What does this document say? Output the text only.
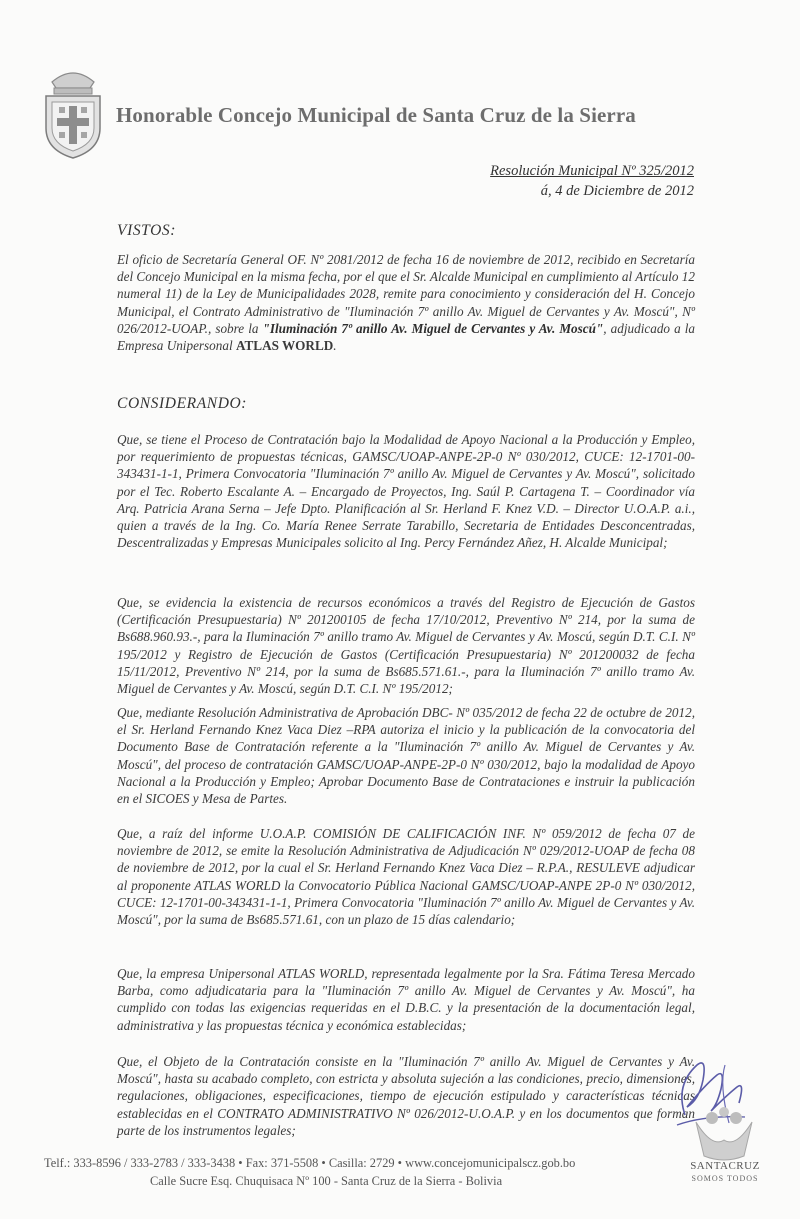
Honorable Concejo Municipal de Santa Cruz de la Sierra
Resolución Municipal Nº 325/2012
á, 4 de Diciembre de 2012
VISTOS:
El oficio de Secretaría General OF. Nº 2081/2012 de fecha 16 de noviembre de 2012, recibido en Secretaría del Concejo Municipal en la misma fecha, por el que el Sr. Alcalde Municipal en cumplimiento al Artículo 12 numeral 11) de la Ley de Municipalidades 2028, remite para conocimiento y consideración del H. Concejo Municipal, el Contrato Administrativo de "Iluminación 7º anillo Av. Miguel de Cervantes y Av. Moscú", Nº 026/2012-UOAP., sobre la "Iluminación 7º anillo Av. Miguel de Cervantes y Av. Moscú", adjudicado a la Empresa Unipersonal ATLAS WORLD.
CONSIDERANDO:
Que, se tiene el Proceso de Contratación bajo la Modalidad de Apoyo Nacional a la Producción y Empleo, por requerimiento de propuestas técnicas, GAMSC/UOAP-ANPE-2P-0 Nº 030/2012, CUCE: 12-1701-00-343431-1-1, Primera Convocatoria "Iluminación 7º anillo Av. Miguel de Cervantes y Av. Moscú", solicitado por el Tec. Roberto Escalante A. – Encargado de Proyectos, Ing. Saúl P. Cartagena T. – Coordinador vía Arq. Patricia Arana Serna – Jefe Dpto. Planificación al Sr. Herland F. Knez V.D. – Director U.O.A.P. a.i., quien a través de la Ing. Co. María Renee Serrate Tarabillo, Secretaria de Entidades Desconcentradas, Descentralizadas y Empresas Municipales solicito al Ing. Percy Fernández Añez, H. Alcalde Municipal;
Que, se evidencia la existencia de recursos económicos a través del Registro de Ejecución de Gastos (Certificación Presupuestaria) Nº 201200105 de fecha 17/10/2012, Preventivo Nº 214, por la suma de Bs688.960.93.-, para la Iluminación 7º anillo tramo Av. Miguel de Cervantes y Av. Moscú, según D.T. C.I. Nº 195/2012 y Registro de Ejecución de Gastos (Certificación Presupuestaria) Nº 201200032 de fecha 15/11/2012, Preventivo Nº 214, por la suma de Bs685.571.61.-, para la Iluminación 7º anillo tramo Av. Miguel de Cervantes y Av. Moscú, según D.T. C.I. Nº 195/2012;
Que, mediante Resolución Administrativa de Aprobación DBC- Nº 035/2012 de fecha 22 de octubre de 2012, el Sr. Herland Fernando Knez Vaca Diez –RPA autoriza el inicio y la publicación de la convocatoria del Documento Base de Contratación referente a la "Iluminación 7º anillo Av. Miguel de Cervantes y Av. Moscú", del proceso de contratación GAMSC/UOAP-ANPE-2P-0 Nº 030/2012, bajo la modalidad de Apoyo Nacional a la Producción y Empleo; Aprobar Documento Base de Contrataciones e instruir la publicación en el SICOES y Mesa de Partes.
Que, a raíz del informe U.O.A.P. COMISIÓN DE CALIFICACIÓN INF. Nº 059/2012 de fecha 07 de noviembre de 2012, se emite la Resolución Administrativa de Adjudicación Nº 029/2012-UOAP de fecha 08 de noviembre de 2012, por la cual el Sr. Herland Fernando Knez Vaca Diez – R.P.A., RESULEVE adjudicar al proponente ATLAS WORLD la Convocatorio Pública Nacional GAMSC/UOAP-ANPE 2P-0 Nº 030/2012, CUCE: 12-1701-00-343431-1-1, Primera Convocatoria "Iluminación 7º anillo Av. Miguel de Cervantes y Av. Moscú", por la suma de Bs685.571.61, con un plazo de 15 días calendario;
Que, la empresa Unipersonal ATLAS WORLD, representada legalmente por la Sra. Fátima Teresa Mercado Barba, como adjudicataria para la "Iluminación 7º anillo Av. Miguel de Cervantes y Av. Moscú", ha cumplido con todas las exigencias requeridas en el D.B.C. y la presentación de la documentación legal, administrativa y las propuestas técnica y económica establecidas;
Que, el Objeto de la Contratación consiste en la "Iluminación 7º anillo Av. Miguel de Cervantes y Av. Moscú", hasta su acabado completo, con estricta y absoluta sujeción a las condiciones, precio, dimensiones, regulaciones, obligaciones, especificaciones, tiempo de ejecución estipulado y características técnicas establecidas en el CONTRATO ADMINISTRATIVO Nº 026/2012-U.O.A.P. y en los documentos que forman parte de los instrumentos legales;
SANTACRUZ
SOMOS TODOS
Telf.: 333-8596 / 333-2783 / 333-3438 • Fax: 371-5508 • Casilla: 2729 • www.concejomunicipalscz.gob.bo
Calle Sucre Esq. Chuquisaca Nº 100 - Santa Cruz de la Sierra - Bolivia
